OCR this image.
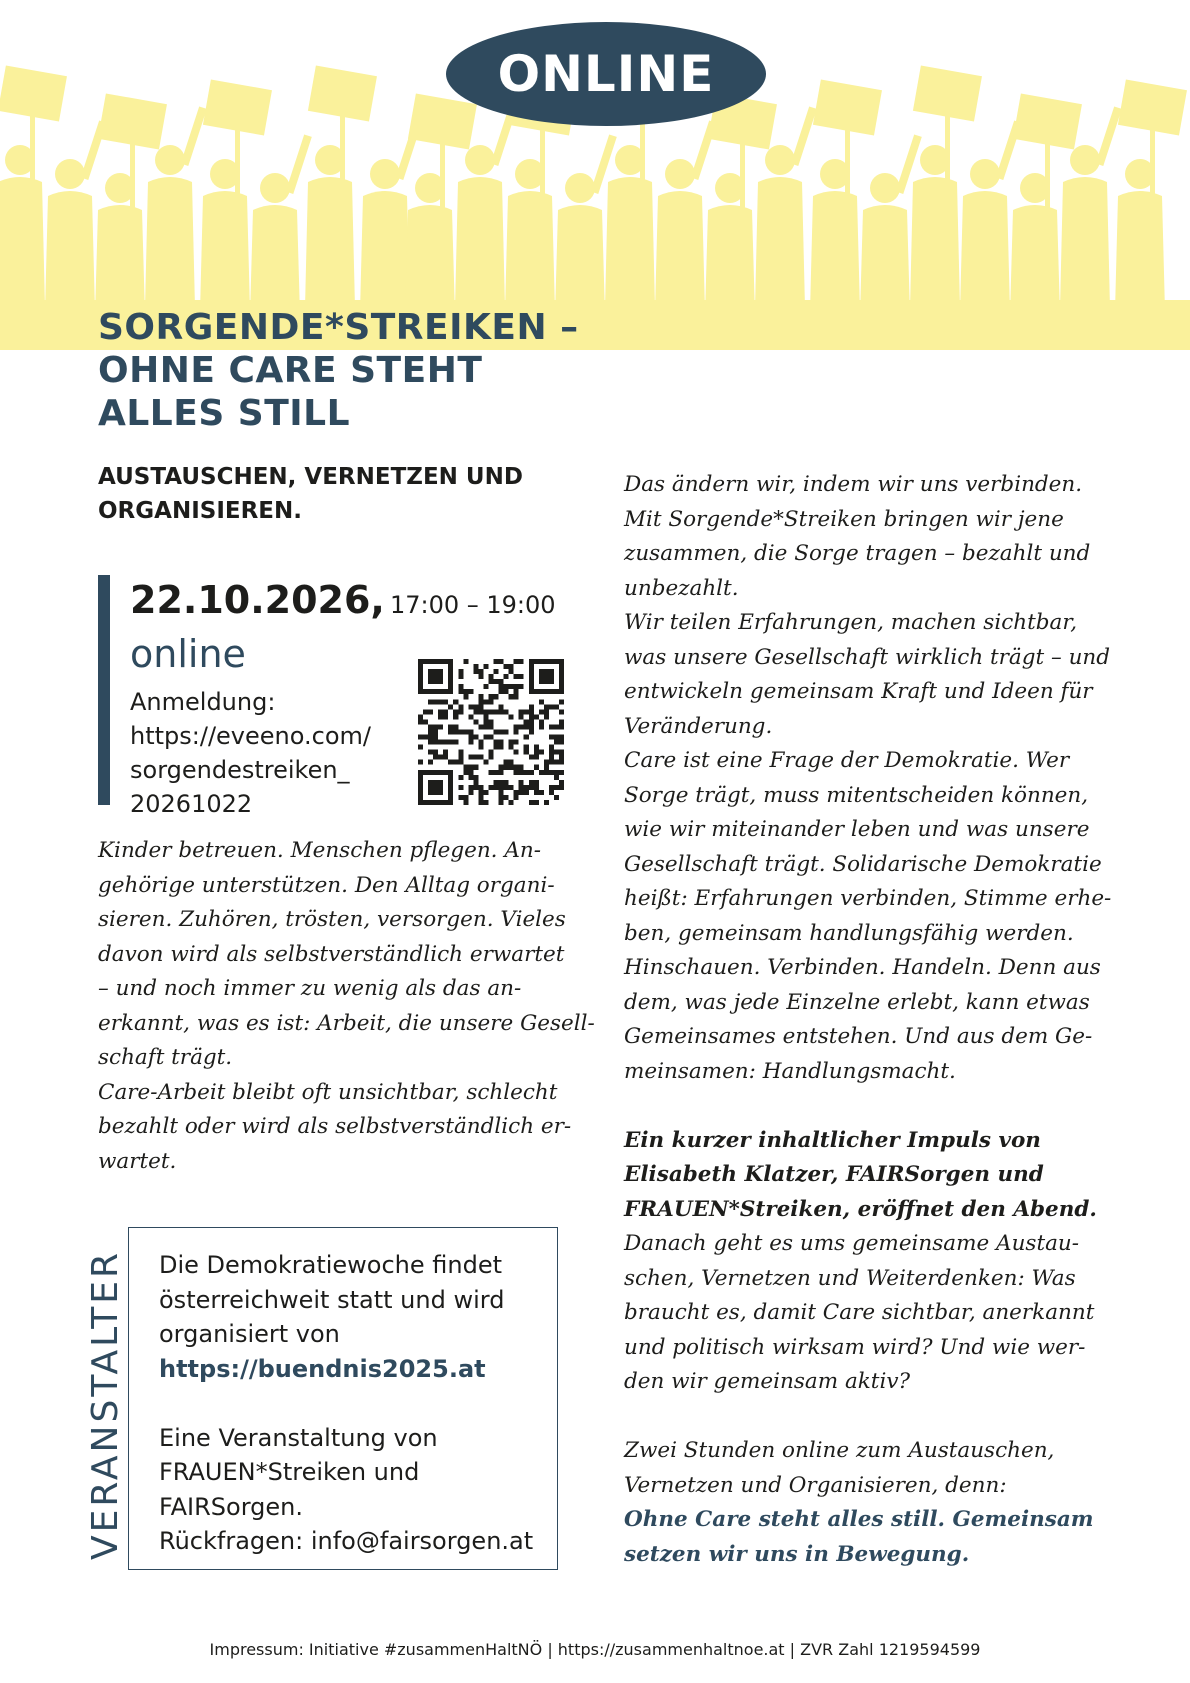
ONLINE
SORGENDE*STREIKEN –
OHNE CARE STEHT
ALLES STILL
AUSTAUSCHEN, VERNETZEN UND
ORGANISIEREN.
22.10.2026, 17:00 – 19:00
online
Anmeldung:
https://eveeno.com/
sorgendestreiken_
20261022
Kinder betreuen. Menschen pflegen. An-
gehörige unterstützen. Den Alltag organi-
sieren. Zuhören, trösten, versorgen. Vieles
davon wird als selbstverständlich erwartet
– und noch immer zu wenig als das an-
erkannt, was es ist: Arbeit, die unsere Gesell-
schaft trägt.
Care-Arbeit bleibt oft unsichtbar, schlecht
bezahlt oder wird als selbstverständlich er-
wartet.
VERANSTALTER Die Demokratiewoche findet
österreichweit statt und wird
organisiert von
https://buendnis2025.at
Eine Veranstaltung von
FRAUEN*Streiken und
FAIRSorgen.
Rückfragen: info@fairsorgen.at
Das ändern wir, indem wir uns verbinden.
Mit Sorgende*Streiken bringen wir jene
zusammen, die Sorge tragen – bezahlt und
unbezahlt.
Wir teilen Erfahrungen, machen sichtbar,
was unsere Gesellschaft wirklich trägt – und
entwickeln gemeinsam Kraft und Ideen für
Veränderung.
Care ist eine Frage der Demokratie. Wer
Sorge trägt, muss mitentscheiden können,
wie wir miteinander leben und was unsere
Gesellschaft trägt. Solidarische Demokratie
heißt: Erfahrungen verbinden, Stimme erhe-
ben, gemeinsam handlungsfähig werden.
Hinschauen. Verbinden. Handeln. Denn aus
dem, was jede Einzelne erlebt, kann etwas
Gemeinsames entstehen. Und aus dem Ge-
meinsamen: Handlungsmacht.
Ein kurzer inhaltlicher Impuls von
Elisabeth Klatzer, FAIRSorgen und
FRAUEN*Streiken, eröffnet den Abend.
Danach geht es ums gemeinsame Austau-
schen, Vernetzen und Weiterdenken: Was
braucht es, damit Care sichtbar, anerkannt
und politisch wirksam wird? Und wie wer-
den wir gemeinsam aktiv?
Zwei Stunden online zum Austauschen,
Vernetzen und Organisieren, denn:
Ohne Care steht alles still. Gemeinsam
setzen wir uns in Bewegung.
Impressum: Initiative #zusammenHaltNÖ | https://zusammenhaltnoe.at | ZVR Zahl 1219594599
